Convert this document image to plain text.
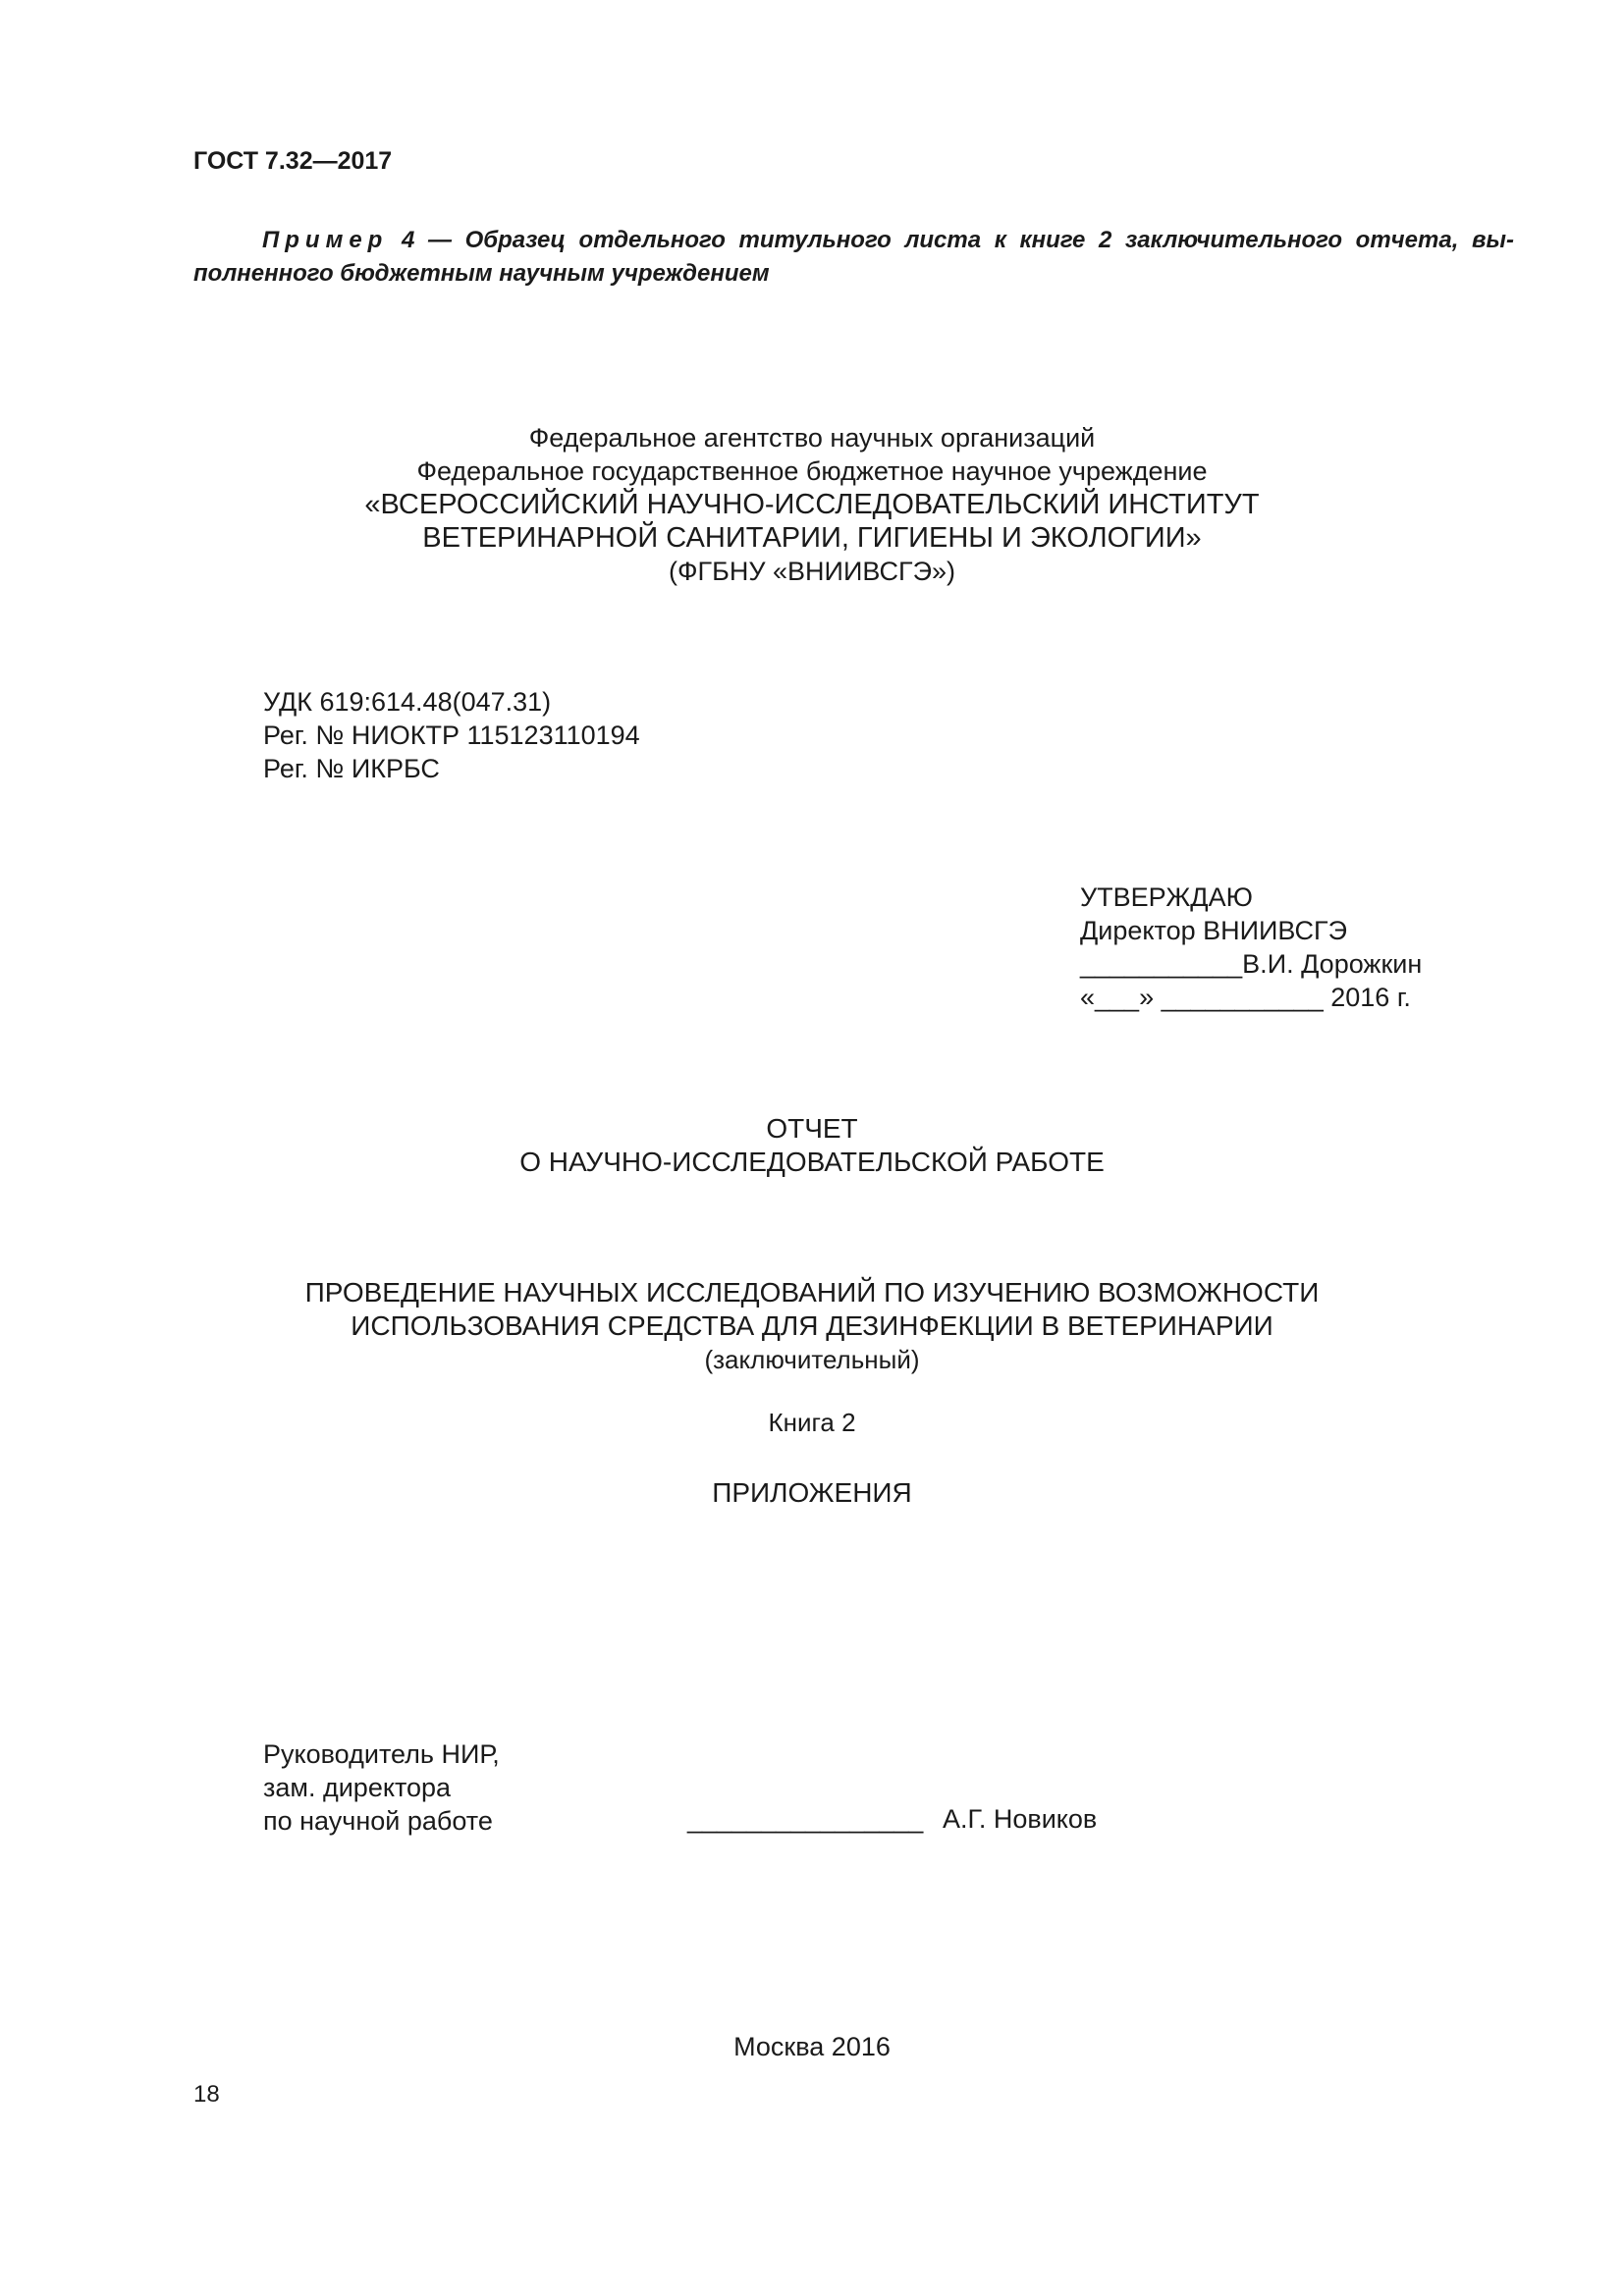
ГОСТ 7.32—2017
Пример 4 — Образец отдельного титульного листа к книге 2 заключительного отчета, вы-
полненного бюджетным научным учреждением
Федеральное агентство научных организаций
Федеральное государственное бюджетное научное учреждение
«ВСЕРОССИЙСКИЙ НАУЧНО-ИССЛЕДОВАТЕЛЬСКИЙ ИНСТИТУТ
ВЕТЕРИНАРНОЙ САНИТАРИИ, ГИГИЕНЫ И ЭКОЛОГИИ»
(ФГБНУ «ВНИИВСГЭ»)
УДК 619:614.48(047.31)
Рег. № НИОКТР 115123110194
Рег. № ИКРБС
УТВЕРЖДАЮ
Директор ВНИИВСГЭ
___________В.И. Дорожкин
«___» ___________ 2016 г.
ОТЧЕТ
О НАУЧНО-ИССЛЕДОВАТЕЛЬСКОЙ РАБОТЕ
ПРОВЕДЕНИЕ НАУЧНЫХ ИССЛЕДОВАНИЙ ПО ИЗУЧЕНИЮ ВОЗМОЖНОСТИ
ИСПОЛЬЗОВАНИЯ СРЕДСТВА ДЛЯ ДЕЗИНФЕКЦИИ В ВЕТЕРИНАРИИ
(заключительный)
Книга 2
ПРИЛОЖЕНИЯ
Руководитель НИР,
зам. директора
по научной работе	________________ А.Г. Новиков
Москва 2016
18
